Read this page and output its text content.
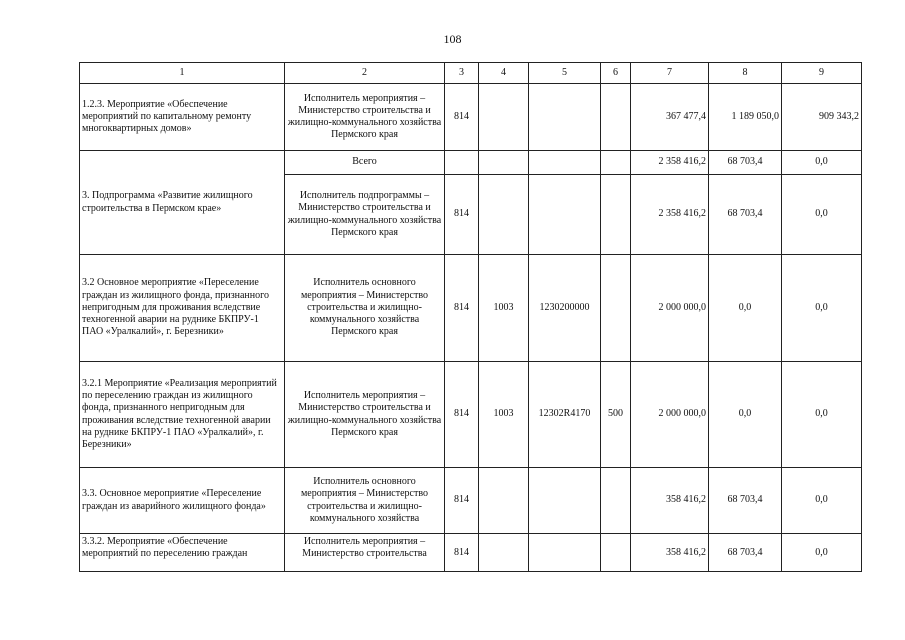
108
1	2	3	4	5	6	7	8	9
1.2.3. Мероприятие «Обеспечение мероприятий по капитальному ремонту многоквартирных домов»	Исполнитель мероприятия – Министерство строительства и жилищно-коммунального хозяйства Пермского края	814				367 477,4	1 189 050,0	909 343,2
3. Подпрограмма «Развитие жилищного строительства в Пермском крае»	Всего					2 358 416,2	68 703,4	0,0
	Исполнитель подпрограммы – Министерство строительства и жилищно-коммунального хозяйства Пермского края	814				2 358 416,2	68 703,4	0,0
3.2 Основное мероприятие «Переселение граждан из жилищного фонда, признанного непригодным для проживания вследствие техногенной аварии на руднике БКПРУ-1 ПАО «Уралкалий», г. Березники»	Исполнитель основного мероприятия – Министерство строительства и жилищно-коммунального хозяйства Пермского края	814	1003	1230200000		2 000 000,0	0,0	0,0
3.2.1 Мероприятие «Реализация мероприятий по переселению граждан из жилищного фонда, признанного непригодным для проживания вследствие техногенной аварии на руднике БКПРУ-1 ПАО «Уралкалий», г. Березники»	Исполнитель мероприятия – Министерство строительства и жилищно-коммунального хозяйства Пермского края	814	1003	12302R4170	500	2 000 000,0	0,0	0,0
3.3. Основное мероприятие «Переселение граждан из аварийного жилищного фонда»	Исполнитель основного мероприятия – Министерство строительства и жилищно-коммунального хозяйства	814				358 416,2	68 703,4	0,0
3.3.2. Мероприятие «Обеспечение мероприятий по переселению граждан	Исполнитель мероприятия – Министерство строительства	814				358 416,2	68 703,4	0,0
